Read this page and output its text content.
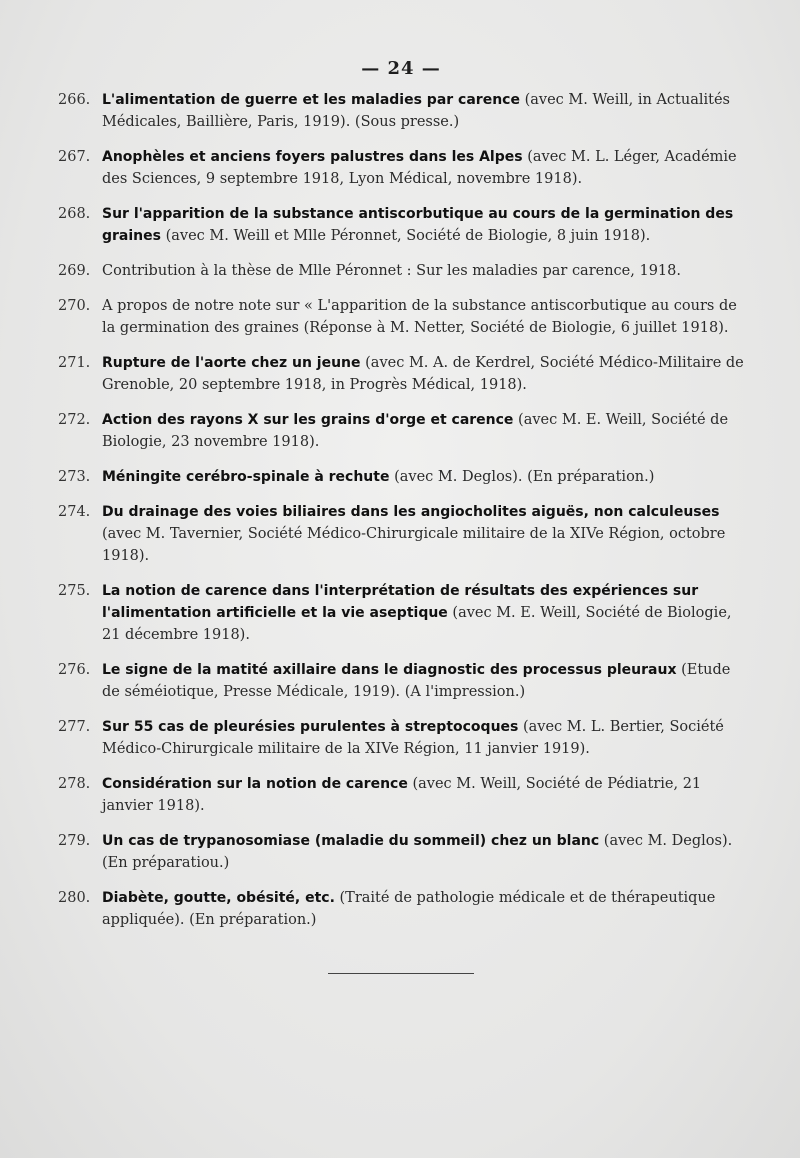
— 24 —
266. L'alimentation de guerre et les maladies par carence (avec M. Weill, in Actualités Médicales, Baillière, Paris, 1919). (Sous presse.)
267. Anophèles et anciens foyers palustres dans les Alpes (avec M. L. Léger, Académie des Sciences, 9 septembre 1918, Lyon Médical, novembre 1918).
268. Sur l'apparition de la substance antiscorbutique au cours de la germination des graines (avec M. Weill et Mlle Péronnet, Société de Biologie, 8 juin 1918).
269. Contribution à la thèse de Mlle Péronnet : Sur les maladies par carence, 1918.
270. A propos de notre note sur « L'apparition de la substance antiscorbutique au cours de la germination des graines (Réponse à M. Netter, Société de Biologie, 6 juillet 1918).
271. Rupture de l'aorte chez un jeune (avec M. A. de Kerdrel, Société Médico-Militaire de Grenoble, 20 septembre 1918, in Progrès Médical, 1918).
272. Action des rayons X sur les grains d'orge et carence (avec M. E. Weill, Société de Biologie, 23 novembre 1918).
273. Méningite cerébro-spinale à rechute (avec M. Deglos). (En préparation.)
274. Du drainage des voies biliaires dans les angiocholites aiguës, non calculeuses (avec M. Tavernier, Société Médico-Chirurgicale militaire de la XIVe Région, octobre 1918).
275. La notion de carence dans l'interprétation de résultats des expériences sur l'alimentation artificielle et la vie aseptique (avec M. E. Weill, Société de Biologie, 21 décembre 1918).
276. Le signe de la matité axillaire dans le diagnostic des processus pleuraux (Etude de séméiotique, Presse Médicale, 1919). (A l'impression.)
277. Sur 55 cas de pleurésies purulentes à streptocoques (avec M. L. Bertier, Société Médico-Chirurgicale militaire de la XIVe Région, 11 janvier 1919).
278. Considération sur la notion de carence (avec M. Weill, Société de Pédiatrie, 21 janvier 1918).
279. Un cas de trypanosomiase (maladie du sommeil) chez un blanc (avec M. Deglos). (En préparatiou.)
280. Diabète, goutte, obésité, etc. (Traité de pathologie médicale et de thérapeutique appliquée). (En préparation.)
